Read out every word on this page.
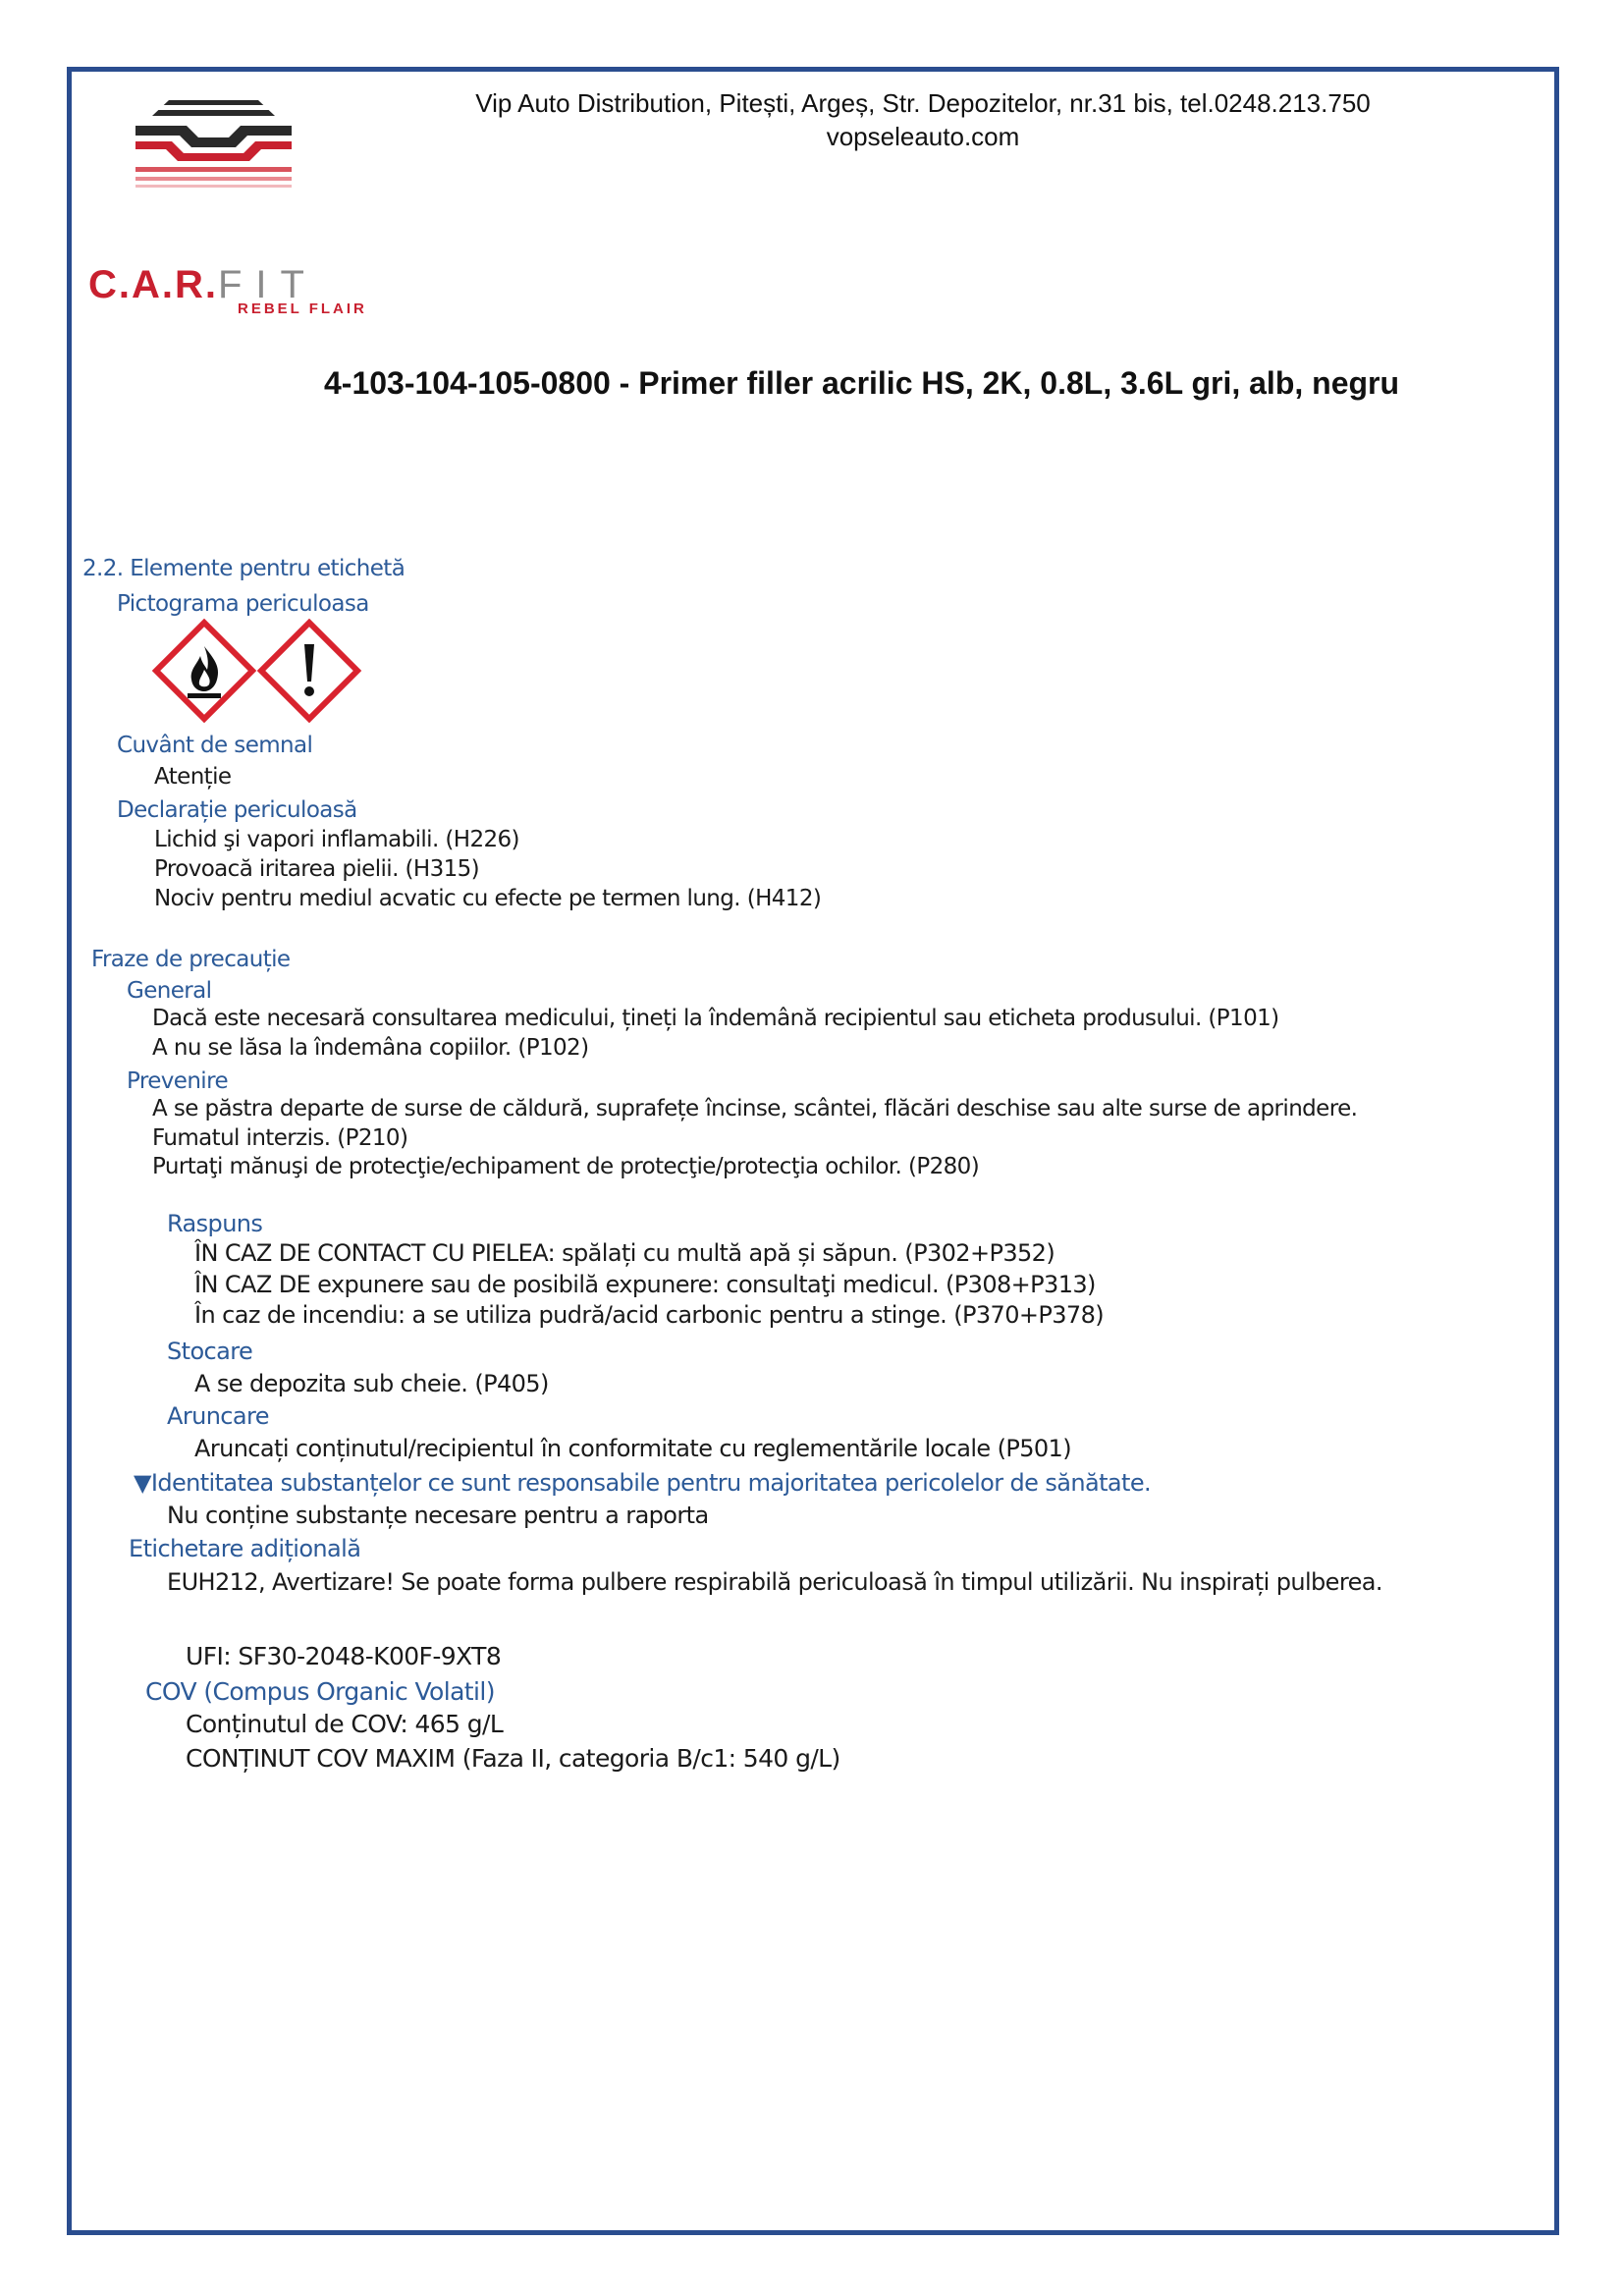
Vip Auto Distribution, Pitești, Argeș, Str. Depozitelor, nr.31 bis, tel.0248.213.750
vopseleauto.com
C.A.R.FIT
REBEL FLAIR
4-103-104-105-0800 - Primer filler acrilic HS, 2K, 0.8L, 3.6L gri, alb, negru
2.2. Elemente pentru etichetă
Pictograma periculoasa
Cuvânt de semnal
Atenție
Declarație periculoasă
Lichid şi vapori inflamabili. (H226)
Provoacă iritarea pielii. (H315)
Nociv pentru mediul acvatic cu efecte pe termen lung. (H412)
Fraze de precauție
General
Dacă este necesară consultarea medicului, țineți la îndemână recipientul sau eticheta produsului. (P101)
A nu se lăsa la îndemâna copiilor. (P102)
Prevenire
A se păstra departe de surse de căldură, suprafețe încinse, scântei, flăcări deschise sau alte surse de aprindere.
Fumatul interzis. (P210)
Purtaţi mănuşi de protecţie/echipament de protecţie/protecţia ochilor. (P280)
Raspuns
ÎN CAZ DE CONTACT CU PIELEA: spălați cu multă apă și săpun. (P302+P352)
ÎN CAZ DE expunere sau de posibilă expunere: consultaţi medicul. (P308+P313)
În caz de incendiu: a se utiliza pudră/acid carbonic pentru a stinge. (P370+P378)
Stocare
A se depozita sub cheie. (P405)
Aruncare
Aruncați conținutul/recipientul în conformitate cu reglementările locale (P501)
▼Identitatea substanțelor ce sunt responsabile pentru majoritatea pericolelor de sănătate.
Nu conține substanțe necesare pentru a raporta
Etichetare adițională
EUH212, Avertizare! Se poate forma pulbere respirabilă periculoasă în timpul utilizării. Nu inspirați pulberea.
UFI: SF30-2048-K00F-9XT8
COV (Compus Organic Volatil)
Conținutul de COV: 465 g/L
CONȚINUT COV MAXIM (Faza II, categoria B/c1: 540 g/L)
